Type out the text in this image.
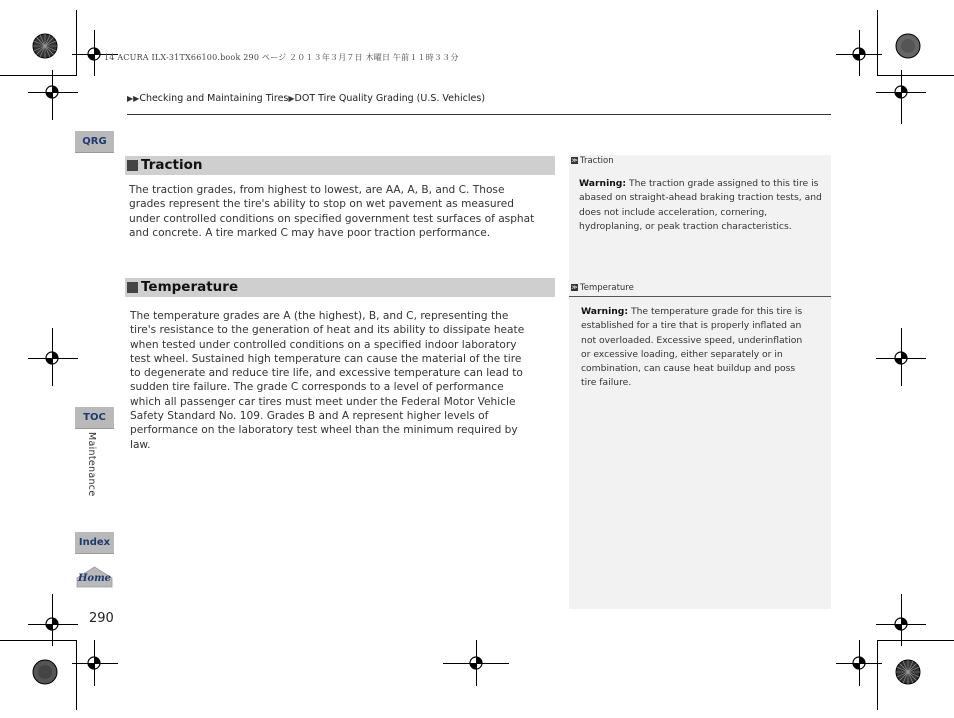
14 ACURA ILX-31TX66100.book 290 ページ ２０１３年３月７日 木曜日 午前１１時３３分
▶▶Checking and Maintaining Tires▶DOT Tire Quality Grading (U.S. Vehicles)
QRG
TOC
Maintenance
Index
Home
290
Traction
The traction grades, from highest to lowest, are AA, A, B, and C. Those grades represent the tire's ability to stop on wet pavement as measured under controlled conditions on specified government test surfaces of asphat and concrete. A tire marked C may have poor traction performance.
Temperature
The temperature grades are A (the highest), B, and C, representing the tire's resistance to the generation of heat and its ability to dissipate heate when tested under controlled conditions on a specified indoor laboratory test wheel. Sustained high temperature can cause the material of the tire to degenerate and reduce tire life, and excessive temperature can lead to sudden tire failure. The grade C corresponds to a level of performance which all passenger car tires must meet under the Federal Motor Vehicle Safety Standard No. 109. Grades B and A represent higher levels of performance on the laboratory test wheel than the minimum required by law.
≫ Traction
Warning: The traction grade assigned to this tire is abased on straight-ahead braking traction tests, and does not include acceleration, cornering, hydroplaning, or peak traction characteristics.
≫ Temperature
Warning: The temperature grade for this tire is established for a tire that is properly inflated an not overloaded. Excessive speed, underinflation or excessive loading, either separately or in combination, can cause heat buildup and poss tire failure.
